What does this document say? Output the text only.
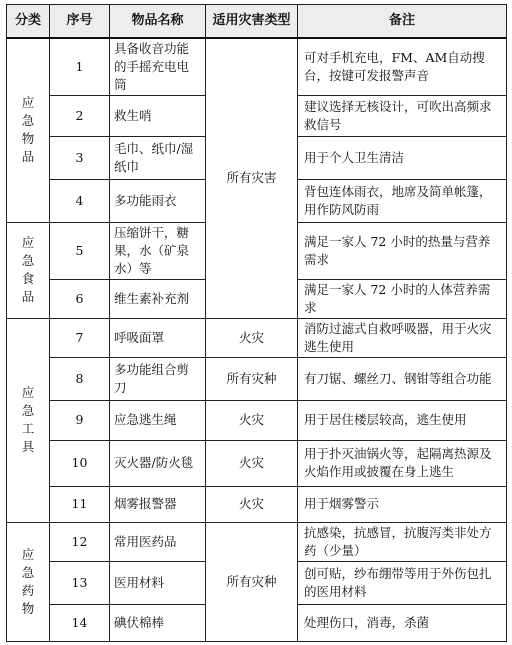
分类	序号	物品名称	适用灾害类型	备注
应急物品	1	具备收音功能的手摇充电电筒	所有灾害	可对手机充电，FM、AM自动搜台，按键可发报警声音
	2	救生哨		建议选择无核设计，可吹出高频求救信号
	3	毛巾、纸巾/湿纸巾		用于个人卫生清洁
	4	多功能雨衣		背包连体雨衣，地席及简单帐篷，用作防风防雨
应急食品	5	压缩饼干，糖果，水（矿泉水）等		满足一家人 72 小时的热量与营养需求
	6	维生素补充剂		满足一家人 72 小时的人体营养需求
应急工具	7	呼吸面罩	火灾	消防过滤式自救呼吸器，用于火灾逃生使用
	8	多功能组合剪刀	所有灾种	有刀锯、螺丝刀、钢钳等组合功能
	9	应急逃生绳	火灾	用于居住楼层较高，逃生使用
	10	灭火器/防火毯	火灾	用于扑灭油锅火等，起隔离热源及火焰作用或披覆在身上逃生
	11	烟雾报警器	火灾	用于烟雾警示
应急药物	12	常用医药品	所有灾种	抗感染，抗感冒，抗腹泻类非处方药（少量）
	13	医用材料		创可贴，纱布绷带等用于外伤包扎的医用材料
	14	碘伏棉棒		处理伤口，消毒，杀菌
